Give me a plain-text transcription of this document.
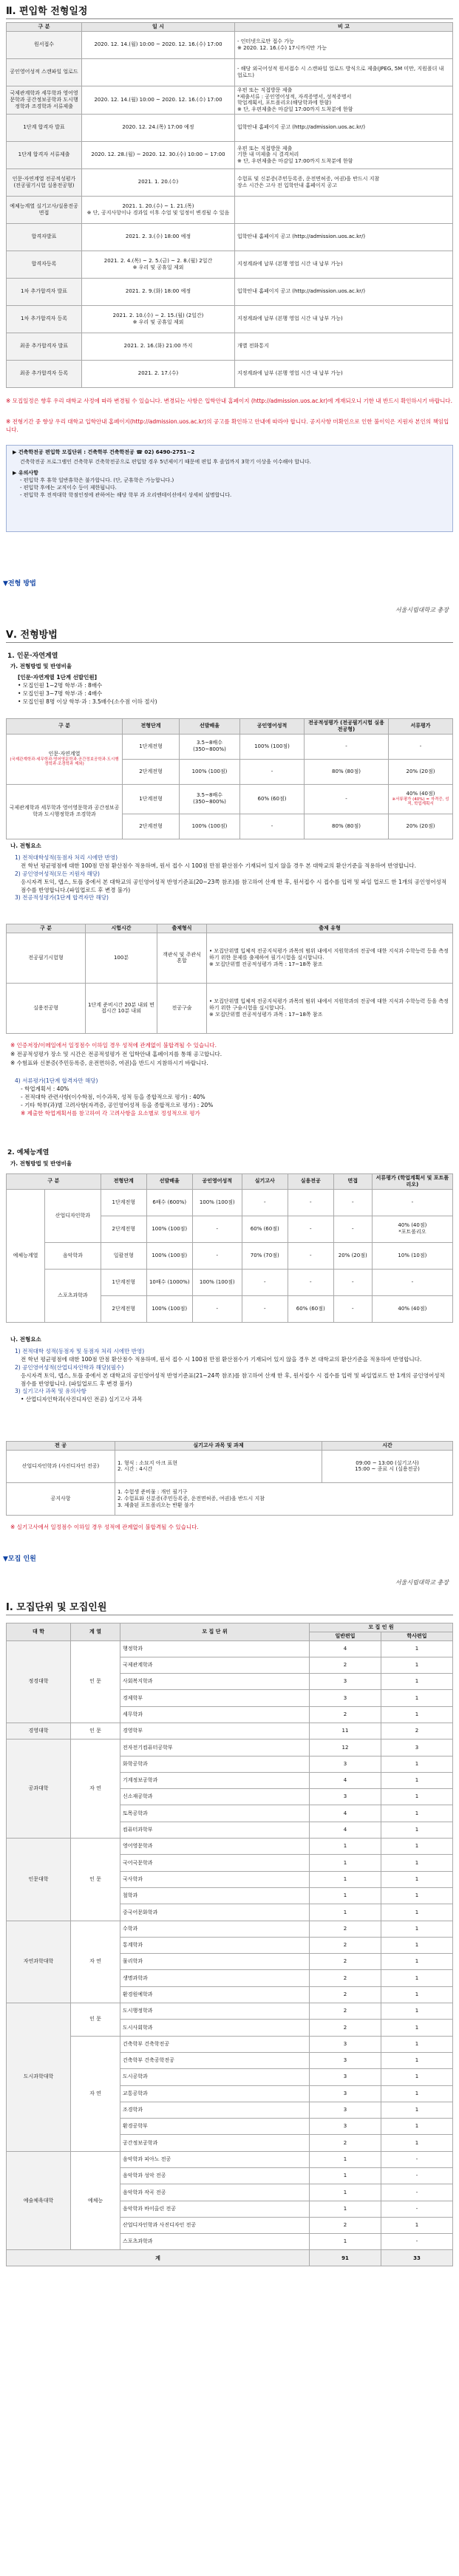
Ⅱ. 편입학 전형일정
구 분	일 시	비 고
원서접수	2020. 12. 14.(월) 10:00 ~ 2020. 12. 16.(수) 17:00	- 인터넷으로만 접수 가능
※ 2020. 12. 16.(수) 17시까지만 가능
공인영어성적 스캔파일 업로드		- 해당 외국어성적 원서접수 시 스캔파일 업로드 방식으로 제출(JPEG, 5M 미만, 지원폴더 내 업로드)
국제관계학과 세무학과 영어영문학과 공간정보공학과 도시행정학과 조경학과 서류제출	2020. 12. 14.(월) 10:00 ~ 2020. 12. 16.(수) 17:00	우편 또는 직접방문 제출
*제출서류 : 공인영어성적, 자격증명서, 성적증명서
학업계획서, 포트폴리오(해당학과에 한함)
※ 단, 우편제출은 마감일 17:00까지 도착분에 한함
1단계 합격자 발표	2020. 12. 24.(목) 17:00 예정	입학안내 홈페이지 공고 (http://admission.uos.ac.kr/)
1단계 합격자 서류제출	2020. 12. 28.(월) ~ 2020. 12. 30.(수) 10:00 ~ 17:00	우편 또는 직접방문 제출
기한 내 미제출 시 결격처리
※ 단, 우편제출은 마감일 17:00까지 도착분에 한함
인문·자연계열 전공적성평가 (전공필기시험 실용전공형)	2021. 1. 20.(수)	수험표 및 신분증(주민등록증, 운전면허증, 여권)을 반드시 지참
장소 시간은 고사 전 입학안내 홈페이지 공고
예체능계열 실기고사/실용전공면접	2021. 1. 20.(수) ~ 1. 21.(목)
※ 단, 공지사항이나 경과일 이후 수업 및 일정이 변경될 수 있음	
합격자발표	2021. 2. 3.(수) 18:00 예정	입학안내 홈페이지 공고 (http://admission.uos.ac.kr/)
합격자등록	2021. 2. 4.(목) ~ 2. 5.(금) ~ 2. 8.(월) 2일간
※ 우리 및 공휴일 제외	지정계좌에 납부 (본행 영업 시간 내 납부 가능)
1차 추가합격자 발표	2021. 2. 9.(화) 18:00 예정	입학안내 홈페이지 공고 (http://admission.uos.ac.kr/)
1차 추가합격자 등록	2021. 2. 10.(수) ~ 2. 15.(월) (2일간)
※ 우리 및 공휴일 제외	지정계좌에 납부 (본행 영업 시간 내 납부 가능)
최종 추가합격자 발표	2021. 2. 16.(화) 21:00 까지	개별 전화통지
최종 추가합격자 등록	2021. 2. 17.(수)	지정계좌에 납부 (본행 영업 시간 내 납부 가능)
※ 모집일정은 향후 우리 대학교 사정에 따라 변경될 수 있습니다. 변경되는 사항은 입학안내 홈페이지 (http://admission.uos.ac.kr)에 게재되오니 기한 내 반드시 확인하시기 바랍니다.
※ 전형기간 중 향상 우리 대학교 입학안내 홈페이지(http://admission.uos.ac.kr)의 공고를 확인하고 안내에 따라야 합니다. 공지사항 미확인으로 인한 불이익은 지원자 본인의 책임입니다.
▶ 건축학전공 편입학 모집단위 : 건축학부 건축학전공 ☎ 02) 6490-2751~2
건축학전공 프로그램인 건축학부 건축학전공으로 편입할 경우 5년제이기 때문에 편입 후 졸업까지 3학기 이상을 이수해야 합니다.
▶ 유의사항
- 편입학 후 휴학 일반휴학은 불가합니다. (단, 군휴학은 가능합니다.)
- 편입학 후에는 교직이수 등이 제한됩니다.
- 편입학 후 전적대학 학점인정에 관하여는 해당 학부 과 오리엔테이션에서 상세히 설명합니다.
▼전형 방법
서울시립대학교 총장
Ⅴ. 전형방법
1. 인문·자연계열
가. 전형방법 및 반영비율
[인문·자연계열 1단계 선발인원]
• 모집인원 1~2명 학부·과 : 8배수
• 모집인원 3~7명 학부·과 : 4배수
• 모집인원 8명 이상 학부·과 : 3.5배수(소수점 이하 절사)
구 분	전형단계	선발배율	공인영어성적	전공적성평가 (전공필기시험 실용전공형)	서류평가

인문·자연계열
(국제관계학과·세무학과·영어영문학과·공간정보공학과·도시행정학과·조경학과 제외)	1단계전형	3.5~8배수 (350~800%)	100% (100점)	-	-
	2단계전형	100% (100점)	-	80% (80점)	20% (20점)
국제관계학과 세무학과 영어영문학과 공간정보공학과 도시행정학과 조경학과	1단계전형	3.5~8배수 (350~800%)	60% (60점)	-	40% (40점)
※서류평가 (40%) = 자격증, 성적, 학업계획서

	2단계전형	100% (100점)	-	80% (80점)	20% (20점)
나. 전형요소
1) 전적대학성적(동점자 처리 시에만 반영)
전 학년 평균평점에 대한 100점 만점 환산점수 적용하며, 원서 접수 시 100점 만점 환산점수 기재되어 있지 않을 경우 본 대학교의 환산기준을 적용하여 반영합니다.
2) 공인영어성적(모든 지원자 해당)
응시자격 토익, 텝스, 토플 중에서 본 대학교의 공인영어성적 반영기준표(20~23쪽 참조)를 참고하여 산재 한 후, 원서접수 시 접수를 입력 및 파일 업로드 한 1개의 공인영어성적 점수를 반영합니다.(파일업로드 후 변경 불가)
3) 전공적성평가(1단계 합격자만 해당)
구 분	시험시간	출제형식	출제 유형
전공필기시험형	100분	객관식 및 주관식 혼합	• 모집단위별 입체적 전공지식평가 과목의 범위 내에서 지원학과의 전공에 대한 지식과 수학능력 등을 측정하기 위한 문제를 출제하여 필기시험을 실시합니다.
※ 모집단위별 전공적성평가 과목 : 17~18쪽 참조
실용전공형	1단계 준비시간 20분 내외 면접시간 10분 내외	전공구술	• 모집단위별 입체적 전공지식평가 과목의 범위 내에서 지원학과의 전공에 대한 지식과 수학능력 등을 측정하기 위한 구술시험을 실시합니다.
※ 모집단위별 전공적성평가 과목 : 17~18쪽 참조
※ 인증저장/이메일에서 일정점수 이하일 경우 성적에 관계없이 불합격될 수 있습니다.
※ 전공적성평가 장소 및 시간은 전공적성평가 전 입학안내 홈페이지를 통해 공고합니다.
※ 수험표와 신분증(주민등록증, 운전면허증, 여권)을 반드시 지참하시기 바랍니다.
4) 서류평가(1단계 합격자만 해당)
- 학업계획서 : 40%
- 전적대학 관련사항(이수학점, 이수과목, 성적 등을 종합적으로 평가) : 40%
- 기타 학부(과)별 고려사항(자격증, 공인영어성적 등을 종합적으로 평가) : 20%
※ 제출한 학업계획서를 참고하여 각 고려사항을 요소별로 정성적으로 평가
2. 예체능계열
가. 전형방법 및 반영비율
구 분		전형단계	선발배율	공인영어성적	실기고사	실용전공	면접	서류평가 (학업계획서 및 포트폴리오)
예체능계열	산업디자인학과	1단계전형	6배수 (600%)	100% (100점)	-	-	-	-
		2단계전형	100% (100점)	-	60% (60점)	-	-	40% (40점)
*포트폴리오
	음악학과	일괄전형	100% (100점)	-	70% (70점)	-	20% (20점)	10% (10점)
	스포츠과학과	1단계전형	10배수 (1000%)	100% (100점)	-	-	-	-
		2단계전형	100% (100점)	-	-	60% (60점)	-	40% (40점)
나. 전형요소
1) 전적대학 성적(동점자 및 동점자 처리 시에만 반영)
전 학년 평균평점에 대한 100점 만점 환산점수 적용하며, 원서 접수 시 100점 만점 환산점수가 기재되어 있지 않을 경우 본 대학교의 환산기준을 적용하여 반영합니다.
2) 공인영어성적(산업디자인학과 해당)(필수)
응시자격 토익, 텝스, 토플 중에서 본 대학교의 공인영어성적 반영기준표(21~24쪽 참조)를 참고하여 산재 한 후, 원서접수 시 접수를 입력 및 파일업로드 한 1개의 공인영어성적 점수를 반영합니다. (파일업로드 후 변경 불가)
3) 실기고사 과목 및 유의사항
• 산업디자인학과(사진디자인 전공) 실기고사 과목
전 공	실기고사 과목 및 과제	시간
산업디자인학과 (사진디자인 전공)	1. 형식 : 소묘지 아크 표현
2. 시간 : 4시간	09:00 ~ 13:00 (실기고사)
15:00 ~ 종료 시 (실용전공)
공지사항	1. 수험생 준비물 : 개인 필기구
2. 수험표와 신분증(주민등록증, 운전면허증, 여권)을 반드시 지참
3. 제출된 포트폴리오는 반환 불가	
※ 실기고사에서 일정점수 이하일 경우 성적에 관계없이 불합격될 수 있습니다.
▼모집 인원
서울시립대학교 총장
Ⅰ. 모집단위 및 모집인원
대 학	계 열	모 집 단 위	모 집 인 원	
			일반편입	학사편입
정경대학	인 문	행정학과	4	1
		국제관계학과	2	1
		사회복지학과	3	1
		경제학부	3	1
		세무학과	2	1
경영대학	인 문	경영학부	11	2
공과대학	자 연	전자전기컴퓨터공학부	12	3
		화학공학과	3	1
		기계정보공학과	4	1
		신소재공학과	3	1
		토목공학과	4	1
		컴퓨터과학부	4	1
인문대학	인 문	영어영문학과	1	1
		국어국문학과	1	1
		국사학과	1	1
		철학과	1	1
		중국어문화학과	1	1
자연과학대학	자 연	수학과	2	1
		통계학과	2	1
		물리학과	2	1
		생명과학과	2	1
		환경원예학과	2	1
도시과학대학	인 문	도시행정학과	2	1
		도시사회학과	2	1
	자 연	건축학부 건축학전공	3	1
		건축학부 건축공학전공	3	1
		도시공학과	3	1
		교통공학과	3	1
		조경학과	3	1
		환경공학부	3	1
		공간정보공학과	2	1
예술체육대학	예체능	음악학과 피아노 전공	1	-
		음악학과 성악 전공	1	-
		음악학과 작곡 전공	1	-
		음악학과 바이올린 전공	1	-
		산업디자인학과 사진디자인 전공	2	1
		스포츠과학과	1	-
계			91	33
